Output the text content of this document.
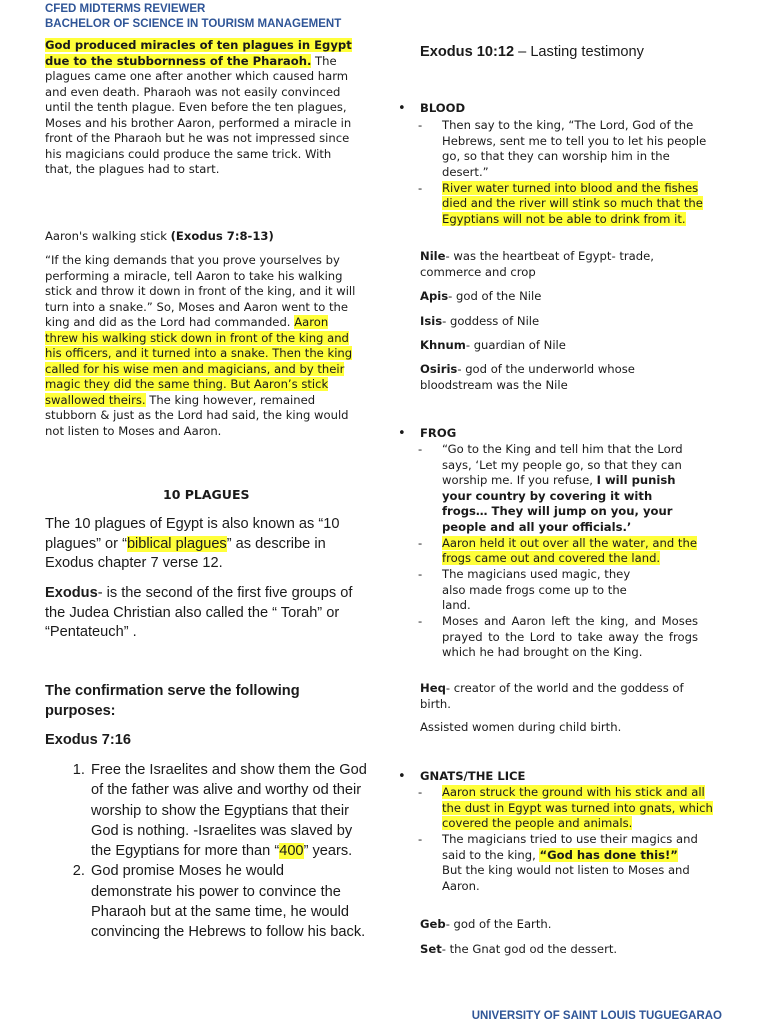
CFED MIDTERMS REVIEWER
BACHELOR OF SCIENCE IN TOURISM MANAGEMENT

God produced miracles of ten plagues in Egypt due to the stubbornness of the Pharaoh. The plagues came one after another which caused harm and even death. Pharaoh was not easily convinced until the tenth plague. Even before the ten plagues, Moses and his brother Aaron, performed a miracle in front of the Pharaoh but he was not impressed since his magicians could produce the same trick. With that, the plagues had to start.

Aaron's walking stick (Exodus 7:8-13)

“If the king demands that you prove yourselves by performing a miracle, tell Aaron to take his walking stick and throw it down in front of the king, and it will turn into a snake.” So, Moses and Aaron went to the king and did as the Lord had commanded. Aaron threw his walking stick down in front of the king and his officers, and it turned into a snake. Then the king called for his wise men and magicians, and by their magic they did the same thing. But Aaron’s stick swallowed theirs. The king however, remained stubborn & just as the Lord had said, the king would not listen to Moses and Aaron.

10 PLAGUES

The 10 plagues of Egypt is also known as “10 plagues” or “biblical plagues” as describe in Exodus chapter 7 verse 12.

Exodus- is the second of the first five groups of the Judea Christian also called the “ Torah” or “Pentateuch” .

The confirmation serve the following purposes:

Exodus 7:16

1. Free the Israelites and show them the God of the father was alive and worthy od their worship to show the Egyptians that their God is nothing. -Israelites was slaved by the Egyptians for more than “400” years.
2. God promise Moses he would demonstrate his power to convince the Pharaoh but at the same time, he would convincing the Hebrews to follow his back.

Exodus 10:12 – Lasting testimony

• BLOOD
- Then say to the king, “The Lord, God of the Hebrews, sent me to tell you to let his people go, so that they can worship him in the desert.”
- River water turned into blood and the fishes died and the river will stink so much that the Egyptians will not be able to drink from it.

Nile- was the heartbeat of Egypt- trade, commerce and crop

Apis- god of the Nile

Isis- goddess of Nile

Khnum- guardian of Nile

Osiris- god of the underworld whose bloodstream was the Nile

• FROG
- “Go to the King and tell him that the Lord says, ‘Let my people go, so that they can worship me. If you refuse, I will punish your country by covering it with frogs… They will jump on you, your people and all your officials.’
- Aaron held it out over all the water, and the frogs came out and covered the land.
- The magicians used magic, they also made frogs come up to the land.
- Moses and Aaron left the king, and Moses prayed to the Lord to take away the frogs which he had brought on the King.

Heq- creator of the world and the goddess of birth.

Assisted women during child birth.

• GNATS/THE LICE
- Aaron struck the ground with his stick and all the dust in Egypt was turned into gnats, which covered the people and animals.
- The magicians tried to use their magics and said to the king, “God has done this!” But the king would not listen to Moses and Aaron.

Geb- god of the Earth.

Set- the Gnat god od the dessert.

UNIVERSITY OF SAINT LOUIS TUGUEGARAO
